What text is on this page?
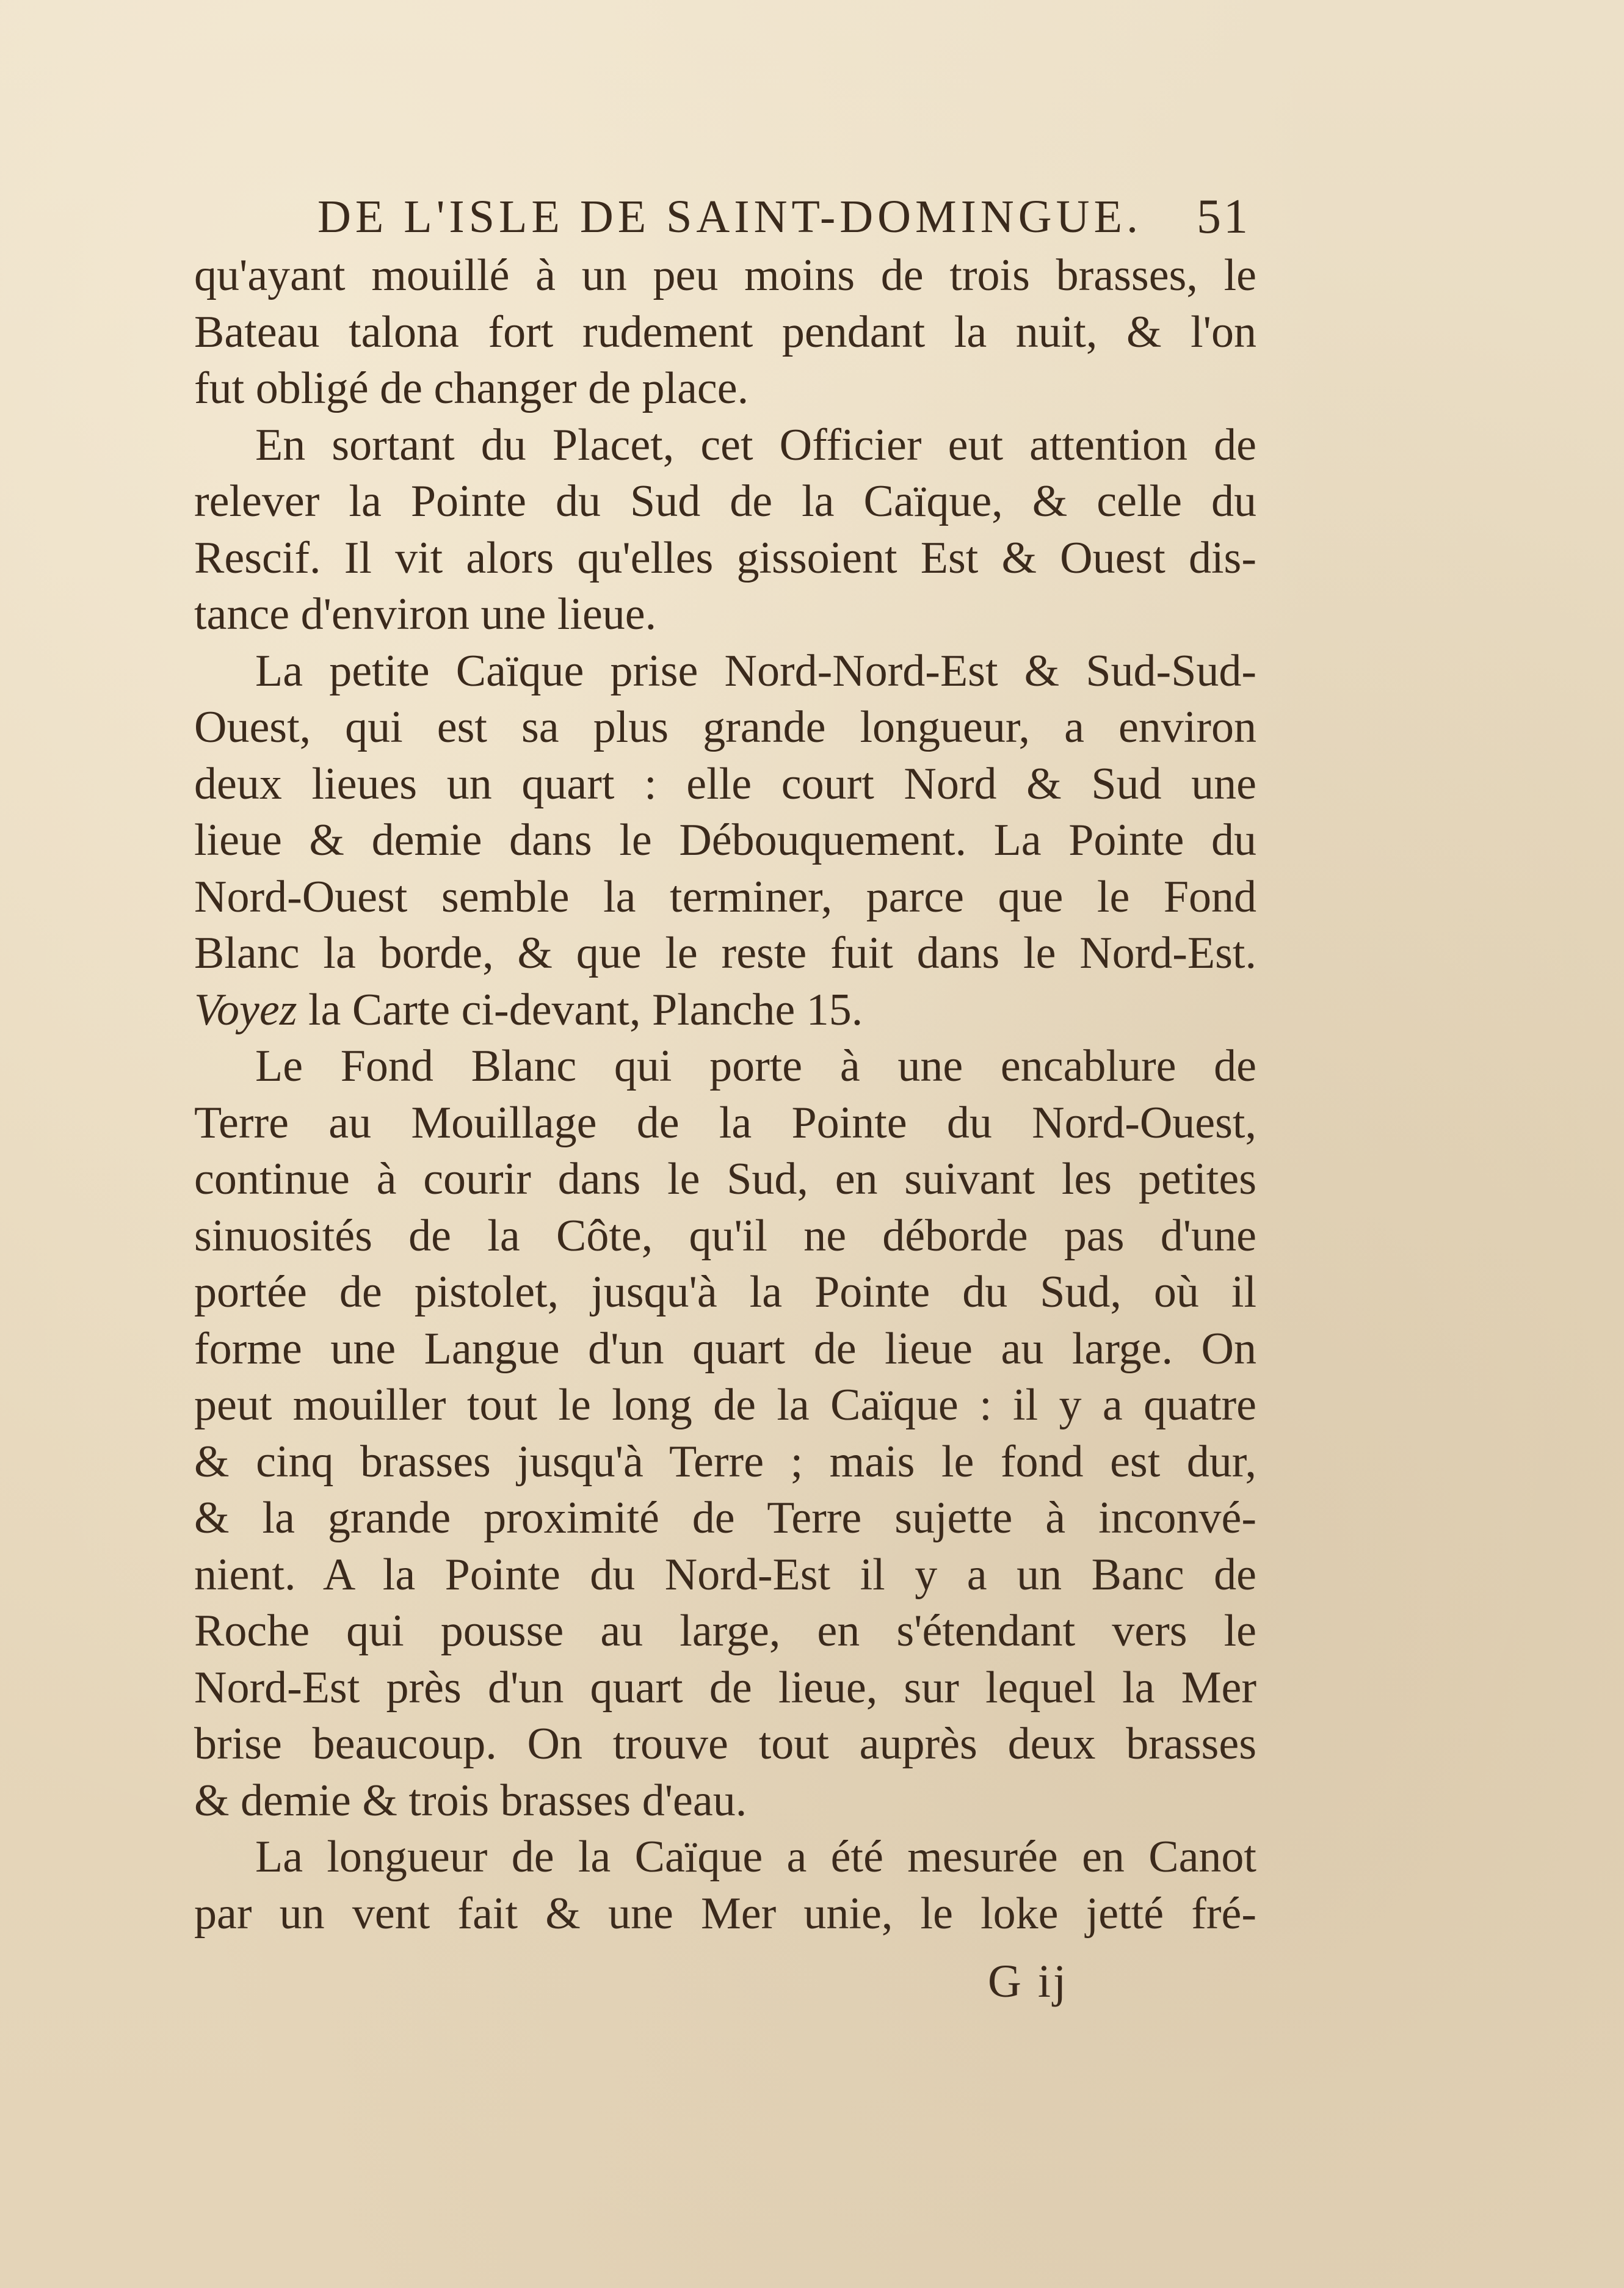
DE L'ISLE DE SAINT-DOMINGUE. 51
qu'ayant mouillé à un peu moins de trois brasses, le
Bateau talona fort rudement pendant la nuit, & l'on
fut obligé de changer de place.
En sortant du Placet, cet Officier eut attention de
relever la Pointe du Sud de la Caïque, & celle du
Rescif. Il vit alors qu'elles gissoient Est & Ouest dis-
tance d'environ une lieue.
La petite Caïque prise Nord-Nord-Est & Sud-Sud-
Ouest, qui est sa plus grande longueur, a environ
deux lieues un quart : elle court Nord & Sud une
lieue & demie dans le Débouquement. La Pointe du
Nord-Ouest semble la terminer, parce que le Fond
Blanc la borde, & que le reste fuit dans le Nord-Est.
Voyez la Carte ci-devant, Planche 15.
Le Fond Blanc qui porte à une encablure de
Terre au Mouillage de la Pointe du Nord-Ouest,
continue à courir dans le Sud, en suivant les petites
sinuosités de la Côte, qu'il ne déborde pas d'une
portée de pistolet, jusqu'à la Pointe du Sud, où il
forme une Langue d'un quart de lieue au large. On
peut mouiller tout le long de la Caïque : il y a quatre
& cinq brasses jusqu'à Terre ; mais le fond est dur,
& la grande proximité de Terre sujette à inconvé-
nient. A la Pointe du Nord-Est il y a un Banc de
Roche qui pousse au large, en s'étendant vers le
Nord-Est près d'un quart de lieue, sur lequel la Mer
brise beaucoup. On trouve tout auprès deux brasses
& demie & trois brasses d'eau.
La longueur de la Caïque a été mesurée en Canot
par un vent fait & une Mer unie, le loke jetté fré-
G ij
